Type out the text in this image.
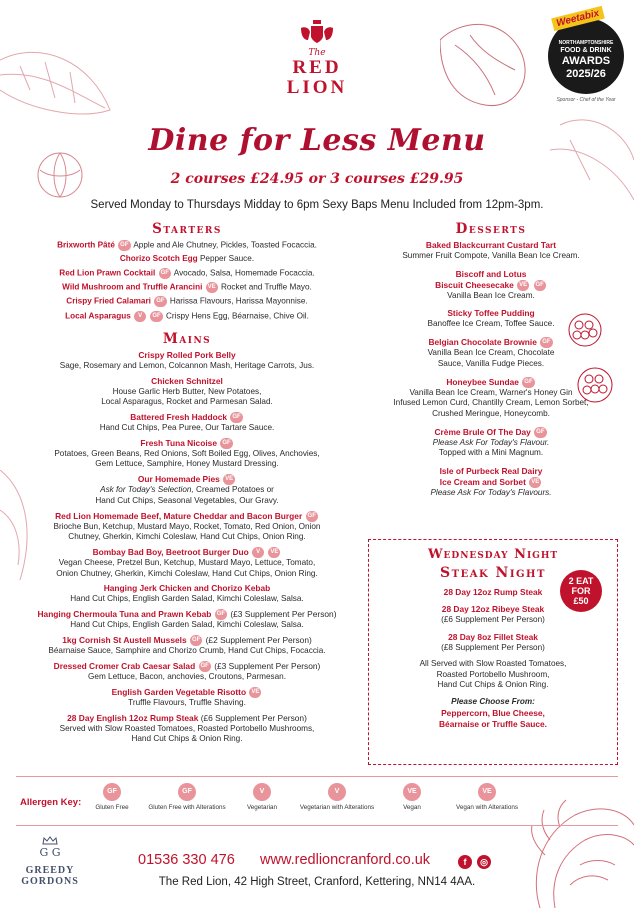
The
RED
LION
Weetabix
NORTHAMPTONSHIRE
FOOD & DRINK
AWARDS
2025/26
Sponsor - Chef of the Year
Dine for Less Menu
2 courses £24.95 or 3 courses £29.95
Served Monday to Thursdays Midday to 6pm Sexy Baps Menu Included from 12pm-3pm.
Starters
Brixworth Pâté GF Apple and Ale Chutney, Pickles, Toasted Focaccia.
Chorizo Scotch Egg Pepper Sauce.
Red Lion Prawn Cocktail GF Avocado, Salsa, Homemade Focaccia.
Wild Mushroom and Truffle Arancini VE Rocket and Truffle Mayo.
Crispy Fried Calamari GF Harissa Flavours, Harissa Mayonnise.
Local Asparagus V GF Crispy Hens Egg, Béarnaise, Chive Oil.
Mains
Crispy Rolled Pork Belly
Sage, Rosemary and Lemon, Colcannon Mash, Heritage Carrots, Jus.
Chicken Schnitzel
House Garlic Herb Butter, New Potatoes,
Local Asparagus, Rocket and Parmesan Salad.
Battered Fresh Haddock GF
Hand Cut Chips, Pea Puree, Our Tartare Sauce.
Fresh Tuna Nicoise GF
Potatoes, Green Beans, Red Onions, Soft Boiled Egg, Olives, Anchovies,
Gem Lettuce, Samphire, Honey Mustard Dressing.
Our Homemade Pies VE
Ask for Today's Selection, Creamed Potatoes or
Hand Cut Chips, Seasonal Vegetables, Our Gravy.
Red Lion Homemade Beef, Mature Cheddar and Bacon Burger GF
Brioche Bun, Ketchup, Mustard Mayo, Rocket, Tomato, Red Onion, Onion
Chutney, Gherkin, Kimchi Coleslaw, Hand Cut Chips, Onion Ring.
Bombay Bad Boy, Beetroot Burger Duo V VE
Vegan Cheese, Pretzel Bun, Ketchup, Mustard Mayo, Lettuce, Tomato,
Onion Chutney, Gherkin, Kimchi Coleslaw, Hand Cut Chips, Onion Ring.
Hanging Jerk Chicken and Chorizo Kebab
Hand Cut Chips, English Garden Salad, Kimchi Coleslaw, Salsa.
Hanging Chermoula Tuna and Prawn Kebab GF (£3 Supplement Per Person)
Hand Cut Chips, English Garden Salad, Kimchi Coleslaw, Salsa.
1kg Cornish St Austell Mussels GF (£2 Supplement Per Person)
Béarnaise Sauce, Samphire and Chorizo Crumb, Hand Cut Chips, Focaccia.
Dressed Cromer Crab Caesar Salad GF (£3 Supplement Per Person)
Gem Lettuce, Bacon, anchovies, Croutons, Parmesan.
English Garden Vegetable Risotto VE
Truffle Flavours, Truffle Shaving.
28 Day English 12oz Rump Steak (£6 Supplement Per Person)
Served with Slow Roasted Tomatoes, Roasted Portobello Mushrooms,
Hand Cut Chips & Onion Ring.
Desserts
Baked Blackcurrant Custard Tart
Summer Fruit Compote, Vanilla Bean Ice Cream.
Biscoff and Lotus
Biscuit Cheesecake VE GF
Vanilla Bean Ice Cream.
Sticky Toffee Pudding
Banoffee Ice Cream, Toffee Sauce.
Belgian Chocolate Brownie GF
Vanilla Bean Ice Cream, Chocolate
Sauce, Vanilla Fudge Pieces.
Honeybee Sundae GF
Vanilla Bean Ice Cream, Warner's Honey Gin
Infused Lemon Curd, Chantilly Cream, Lemon Sorbet,
Crushed Meringue, Honeycomb.
Crème Brule Of The Day GF
Please Ask For Today's Flavour.
Topped with a Mini Magnum.
Isle of Purbeck Real Dairy
Ice Cream and Sorbet VE
Please Ask For Today's Flavours.
Wednesday Night
Steak Night
28 Day 12oz Rump Steak
28 Day 12oz Ribeye Steak
(£6 Supplement Per Person)
28 Day 8oz Fillet Steak
(£8 Supplement Per Person)
All Served with Slow Roasted Tomatoes,
Roasted Portobello Mushroom,
Hand Cut Chips & Onion Ring.
Please Choose From:
Peppercorn, Blue Cheese,
Béarnaise or Truffle Sauce.
2 EAT
FOR
£50
Allergen Key:
GF
Gluten Free
GF
Gluten Free with Alterations
V
Vegetarian
V
Vegetarian with Alterations
VE
Vegan
VE
Vegan with Alterations
G G
GREEDY
GORDONS
01536 330 476 www.redlioncranford.co.uk	f	◎
The Red Lion, 42 High Street, Cranford, Kettering, NN14 4AA.
